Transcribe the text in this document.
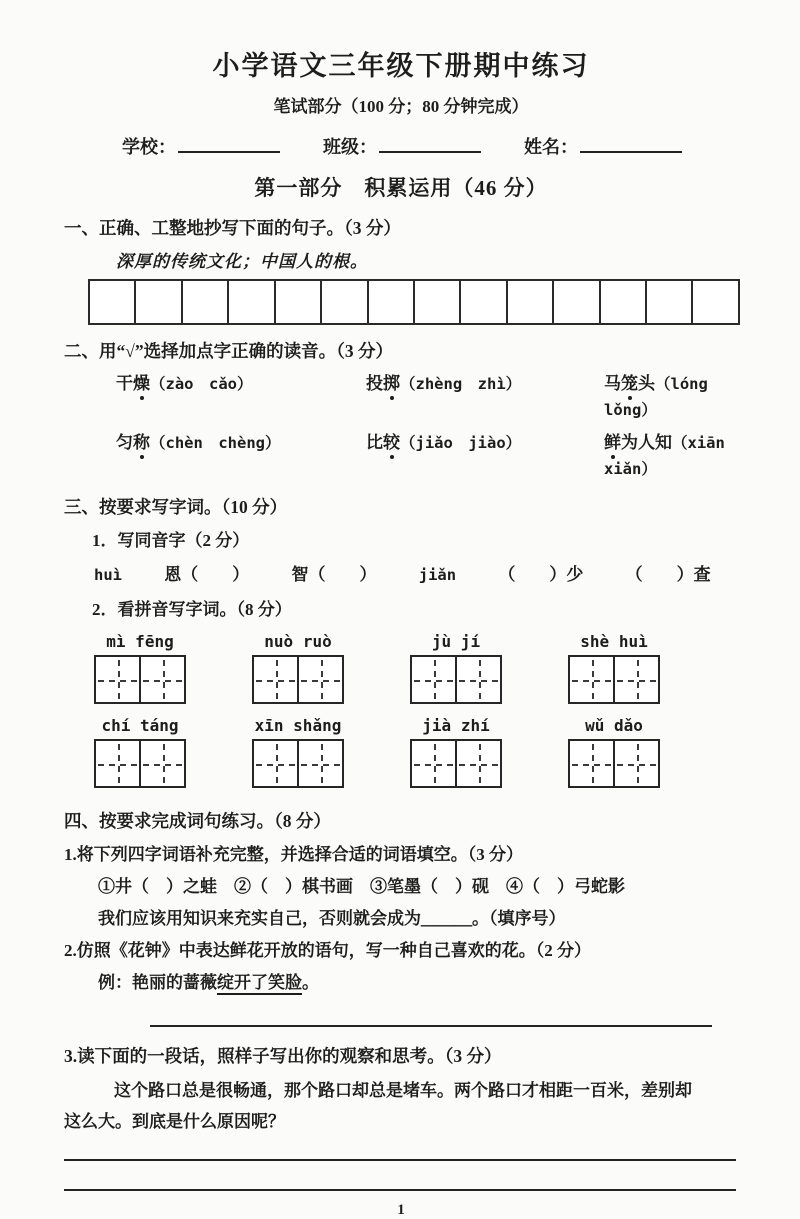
小学语文三年级下册期中练习
笔试部分（100 分；80 分钟完成）
学校：	班级：	姓名：
第一部分　积累运用（46 分）
一、正确、工整地抄写下面的句子。（3 分）
深厚的传统文化；中国人的根。
二、用“√”选择加点字正确的读音。（3 分）
干燥（zào　cǎo）	投掷（zhèng　zhì）	马笼头（lóng　lǒng）
匀称（chèn　chèng）	比较（jiǎo　jiào）	鲜为人知（xiān　xiǎn）
三、按要求写字词。（10 分）
1．写同音字（2 分）
huì 恩（　　） 智（　　）	jiǎn （　　）少 （　　）查
2．看拼音写字词。（8 分）
mì fēng	nuò ruò	jù jí	shè huì
chí táng	xīn shǎng	jià zhí	wǔ dǎo
四、按要求完成词句练习。（8 分）
1.将下列四字词语补充完整，并选择合适的词语填空。（3 分）
①井（　）之蛙　②（　）棋书画　③笔墨（　）砚　④（　）弓蛇影
我们应该用知识来充实自己，否则就会成为＿＿＿。（填序号）
2.仿照《花钟》中表达鲜花开放的语句，写一种自己喜欢的花。（2 分）
例：艳丽的蔷薇绽开了笑脸。
3.读下面的一段话，照样子写出你的观察和思考。（3 分）
这个路口总是很畅通，那个路口却总是堵车。两个路口才相距一百米，差别却
这么大。到底是什么原因呢？
1
